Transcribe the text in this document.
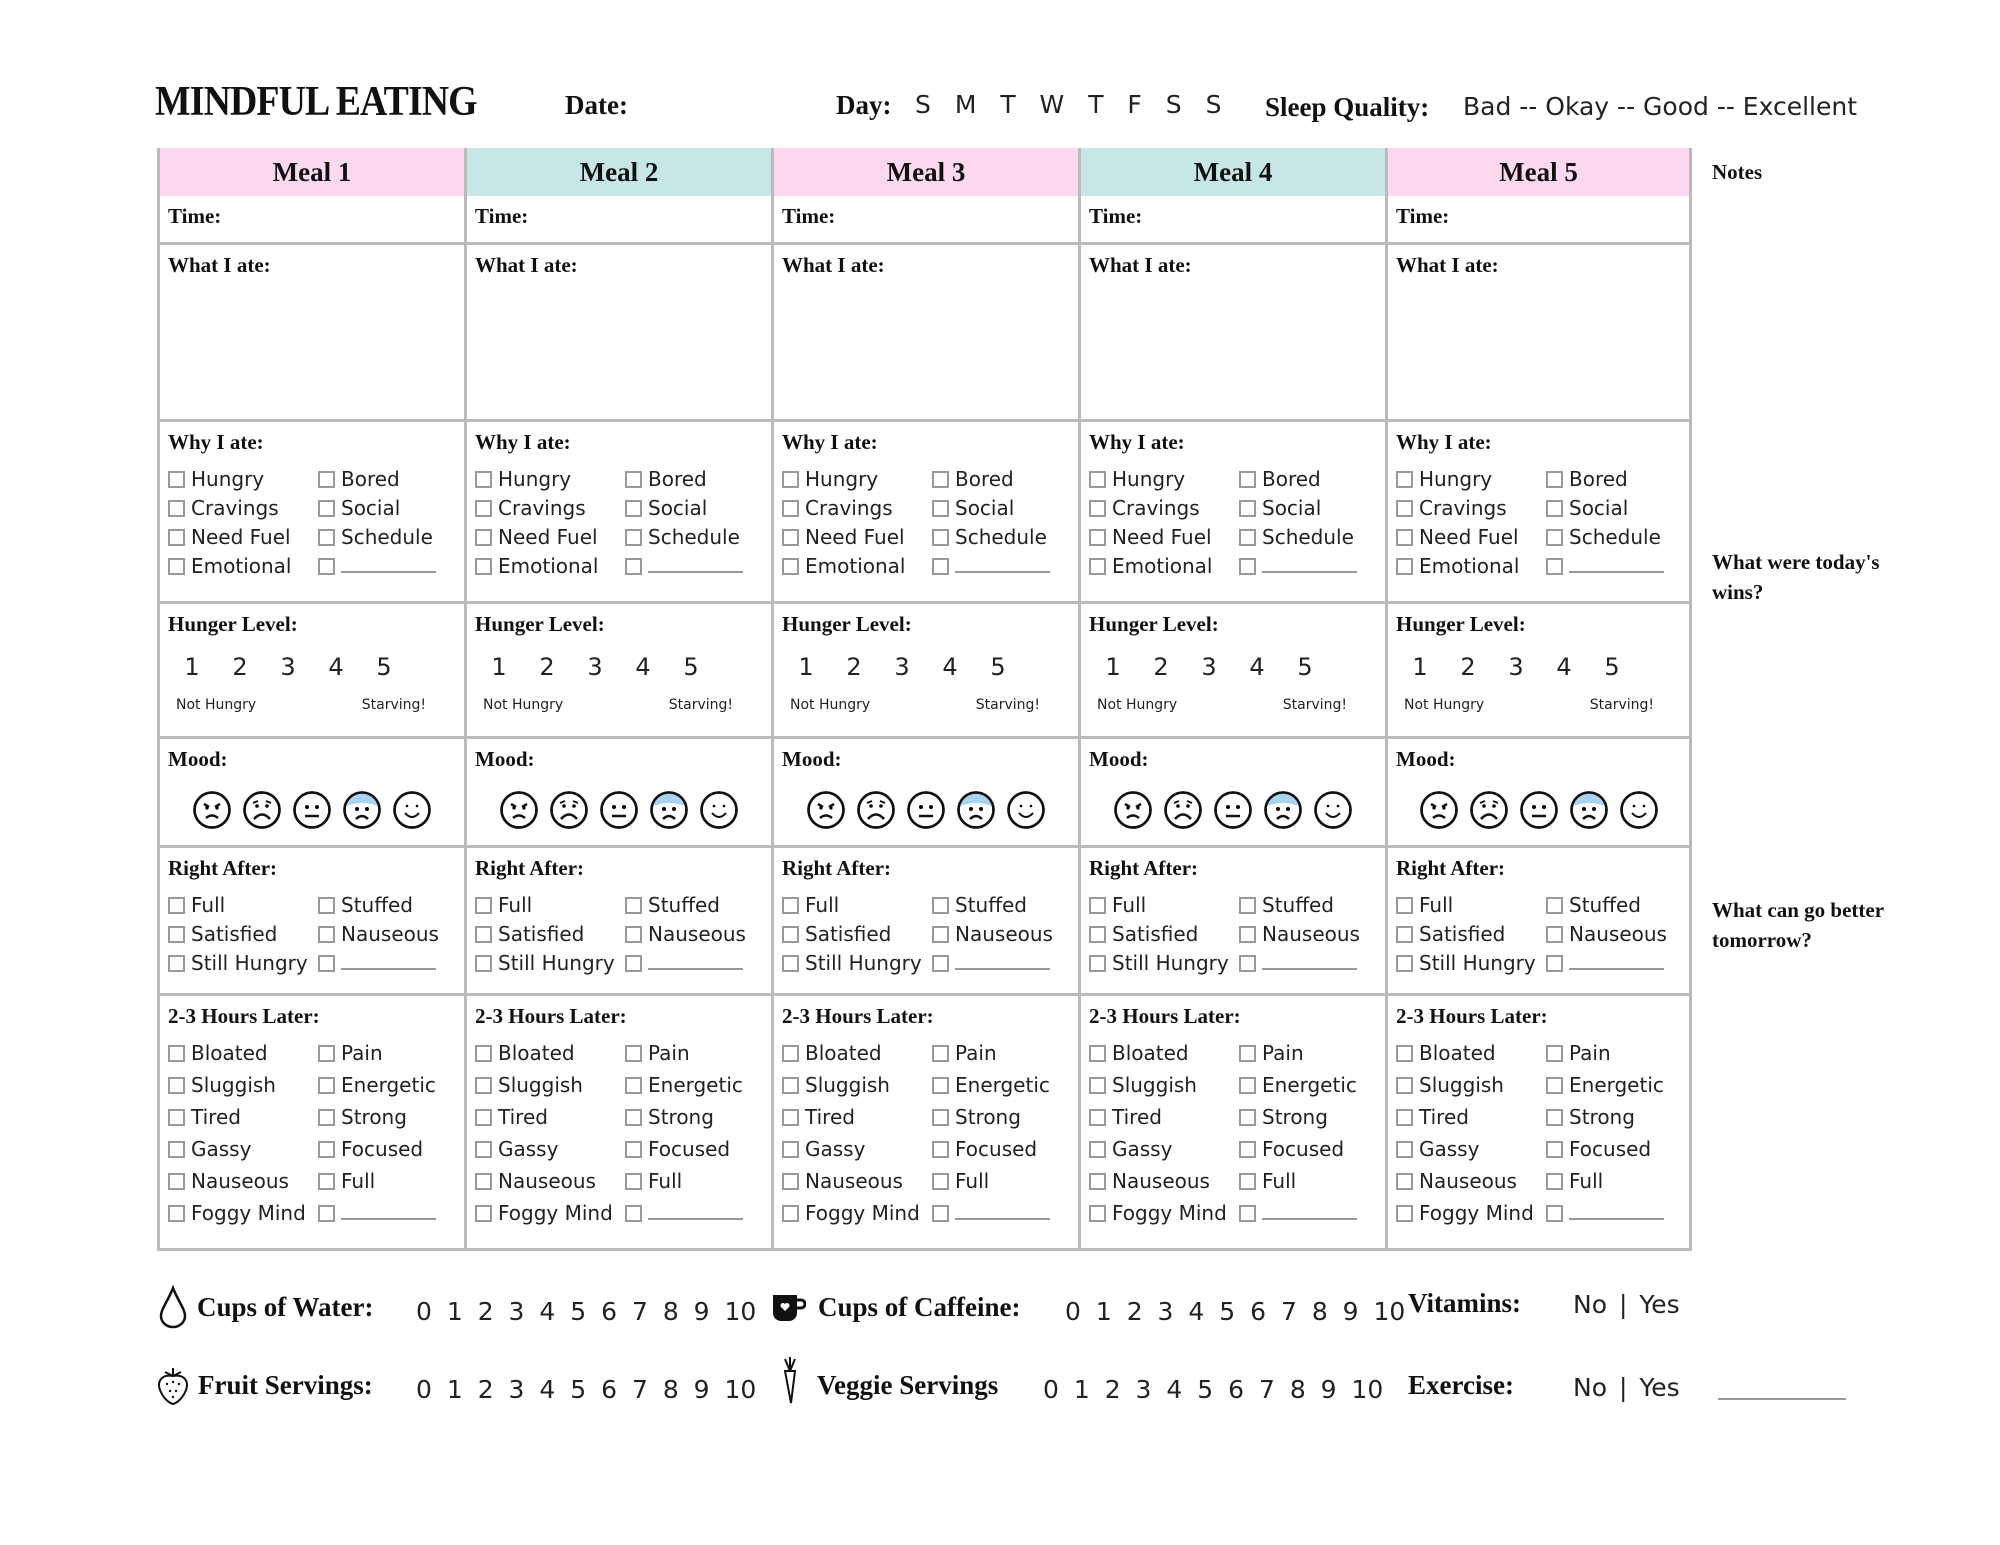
MINDFUL EATING	Date:	Day: S M T W T F S S Sleep Quality: Bad -- Okay -- Good -- Excellent
Meal 1
Time:
What I ate:
Why I ate:
Hungry	Bored
Cravings	Social
Need Fuel	Schedule
Emotional
Hunger Level:
1 2 3 4 5
Not Hungry	Starving!
Mood:
Right After:
Full	Stuffed
Satisfied	Nauseous
Still Hungry
2-3 Hours Later:
Bloated	Pain
Sluggish	Energetic
Tired	Strong
Gassy	Focused
Nauseous	Full
Foggy Mind
Meal 2
Time:
What I ate:
Why I ate:
Hungry	Bored
Cravings	Social
Need Fuel	Schedule
Emotional
Hunger Level:
1 2 3 4 5
Not Hungry	Starving!
Mood:
Right After:
Full	Stuffed
Satisfied	Nauseous
Still Hungry
2-3 Hours Later:
Bloated	Pain
Sluggish	Energetic
Tired	Strong
Gassy	Focused
Nauseous	Full
Foggy Mind
Meal 3
Time:
What I ate:
Why I ate:
Hungry	Bored
Cravings	Social
Need Fuel	Schedule
Emotional
Hunger Level:
1 2 3 4 5
Not Hungry	Starving!
Mood:
Right After:
Full	Stuffed
Satisfied	Nauseous
Still Hungry
2-3 Hours Later:
Bloated	Pain
Sluggish	Energetic
Tired	Strong
Gassy	Focused
Nauseous	Full
Foggy Mind
Meal 4
Time:
What I ate:
Why I ate:
Hungry	Bored
Cravings	Social
Need Fuel	Schedule
Emotional
Hunger Level:
1 2 3 4 5
Not Hungry	Starving!
Mood:
Right After:
Full	Stuffed
Satisfied	Nauseous
Still Hungry
2-3 Hours Later:
Bloated	Pain
Sluggish	Energetic
Tired	Strong
Gassy	Focused
Nauseous	Full
Foggy Mind
Meal 5
Time:
What I ate:
Why I ate:
Hungry	Bored
Cravings	Social
Need Fuel	Schedule
Emotional
Hunger Level:
1 2 3 4 5
Not Hungry	Starving!
Mood:
Right After:
Full	Stuffed
Satisfied	Nauseous
Still Hungry
2-3 Hours Later:
Bloated	Pain
Sluggish	Energetic
Tired	Strong
Gassy	Focused
Nauseous	Full
Foggy Mind
Notes
What were today's wins?
What can go better tomorrow?
Cups of Water: 0 1 2 3 4 5 6 7 8 9 10 Cups of Caffeine: 0 1 2 3 4 5 6 7 8 9 10 Vitamins: No | Yes
Fruit Servings: 0 1 2 3 4 5 6 7 8 9 10 Veggie Servings 0 1 2 3 4 5 6 7 8 9 10 Exercise: No | Yes
